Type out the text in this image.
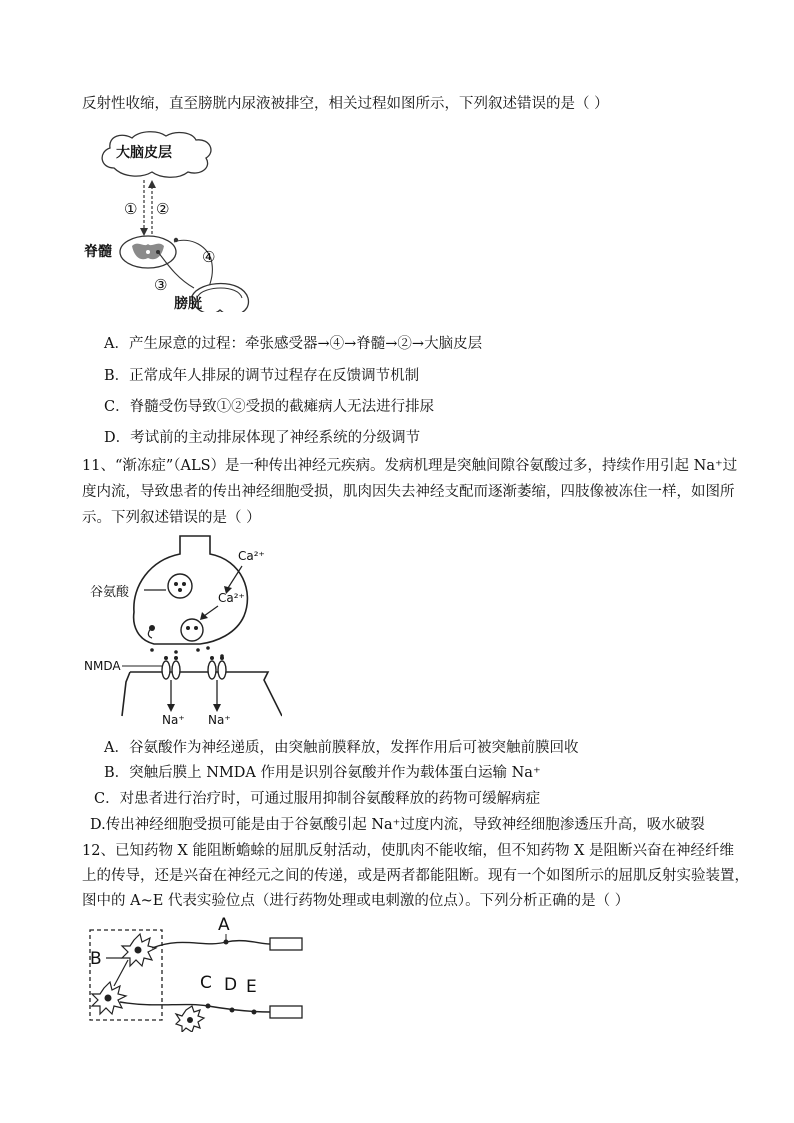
反射性收缩，直至膀胱内尿液被排空，相关过程如图所示，下列叙述错误的是（ ）
大脑皮层
① ②
脊髓	④
③
膀胱
A．产生尿意的过程：牵张感受器→④→脊髓→②→大脑皮层
B．正常成年人排尿的调节过程存在反馈调节机制
C．脊髓受伤导致①②受损的截瘫病人无法进行排尿
D．考试前的主动排尿体现了神经系统的分级调节
11、“渐冻症”（ALS）是一种传出神经元疾病。发病机理是突触间隙谷氨酸过多，持续作用引起 Na⁺过
度内流，导致患者的传出神经细胞受损，肌肉因失去神经支配而逐渐萎缩，四肢像被冻住一样，如图所
示。下列叙述错误的是（ ）
谷氨酸
Ca²⁺
Ca²⁺
NMDA
Na⁺ Na⁺
A．谷氨酸作为神经递质，由突触前膜释放，发挥作用后可被突触前膜回收
B．突触后膜上 NMDA 作用是识别谷氨酸并作为载体蛋白运输 Na⁺
C．对患者进行治疗时，可通过服用抑制谷氨酸释放的药物可缓解病症
D.传出神经细胞受损可能是由于谷氨酸引起 Na⁺过度内流，导致神经细胞渗透压升高，吸水破裂
12、已知药物 X 能阻断蟾蜍的屈肌反射活动，使肌肉不能收缩，但不知药物 X 是阻断兴奋在神经纤维
上的传导，还是兴奋在神经元之间的传递，或是两者都能阻断。现有一个如图所示的屈肌反射实验装置，
图中的 A~E 代表实验位点（进行药物处理或电刺激的位点）。下列分析正确的是（ ）
B
A
C D E
